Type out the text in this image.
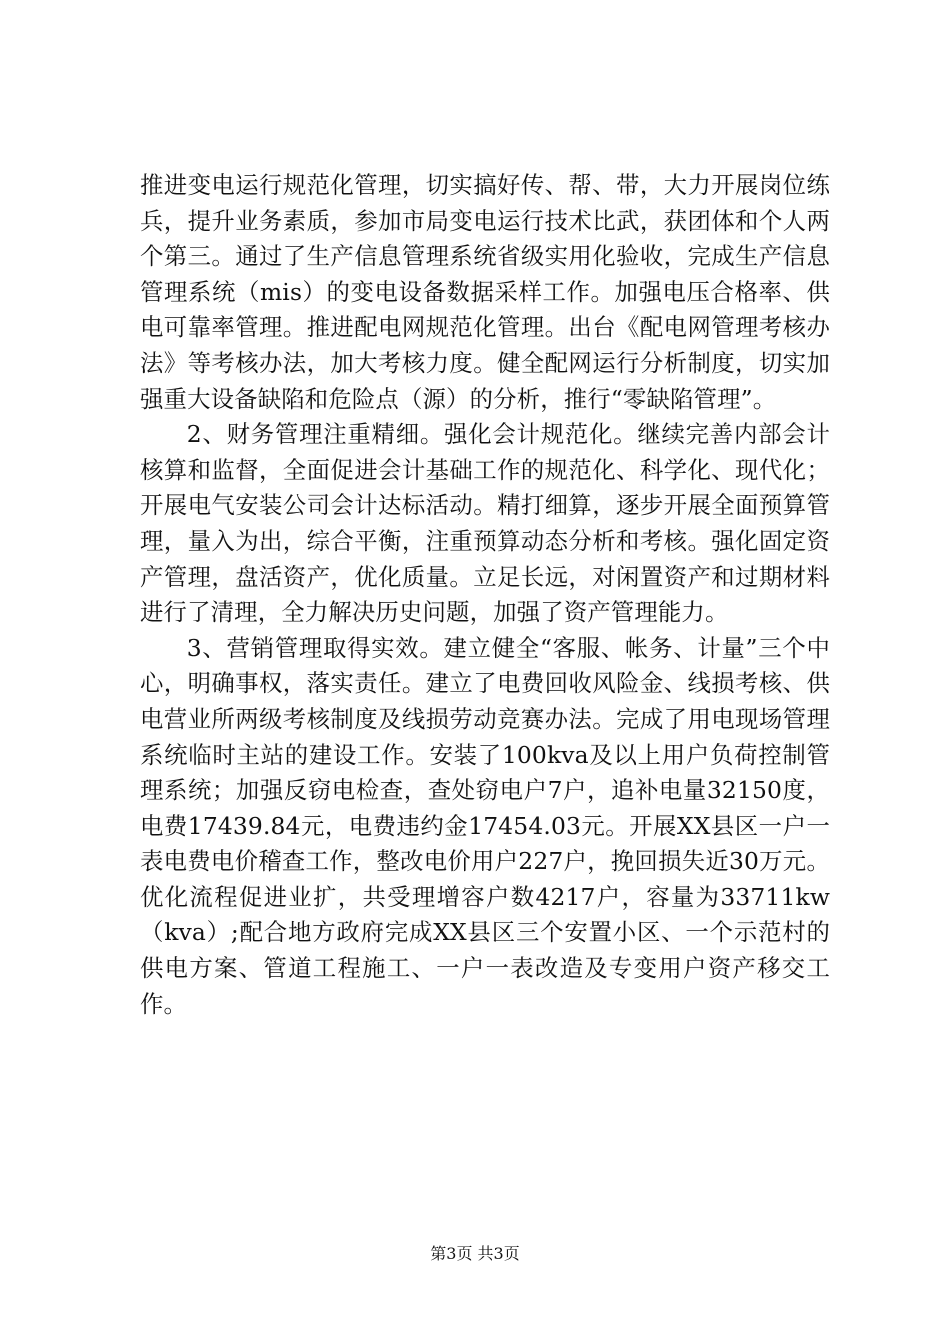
推进变电运行规范化管理，切实搞好传、帮、带，大力开展岗位练兵，提升业务素质，参加市局变电运行技术比武，获团体和个人两个第三。通过了生产信息管理系统省级实用化验收，完成生产信息管理系统（mis）的变电设备数据采样工作。加强电压合格率、供电可靠率管理。推进配电网规范化管理。出台《配电网管理考核办法》等考核办法，加大考核力度。健全配网运行分析制度，切实加强重大设备缺陷和危险点（源）的分析，推行“零缺陷管理”。

2、财务管理注重精细。强化会计规范化。继续完善内部会计核算和监督，全面促进会计基础工作的规范化、科学化、现代化；开展电气安装公司会计达标活动。精打细算，逐步开展全面预算管理，量入为出，综合平衡，注重预算动态分析和考核。强化固定资产管理，盘活资产，优化质量。立足长远，对闲置资产和过期材料进行了清理，全力解决历史问题，加强了资产管理能力。

3、营销管理取得实效。建立健全“客服、帐务、计量”三个中心，明确事权，落实责任。建立了电费回收风险金、线损考核、供电营业所两级考核制度及线损劳动竞赛办法。完成了用电现场管理系统临时主站的建设工作。安装了100kva及以上用户负荷控制管理系统；加强反窃电检查，查处窃电户7户，追补电量32150度，电费17439.84元，电费违约金17454.03元。开展XX县区一户一表电费电价稽查工作，整改电价用户227户，挽回损失近30万元。优化流程促进业扩，共受理增容户数4217户，容量为33711kw（kva）;配合地方政府完成XX县区三个安置小区、一个示范村的供电方案、管道工程施工、一户一表改造及专变用户资产移交工作。

第3页 共3页
